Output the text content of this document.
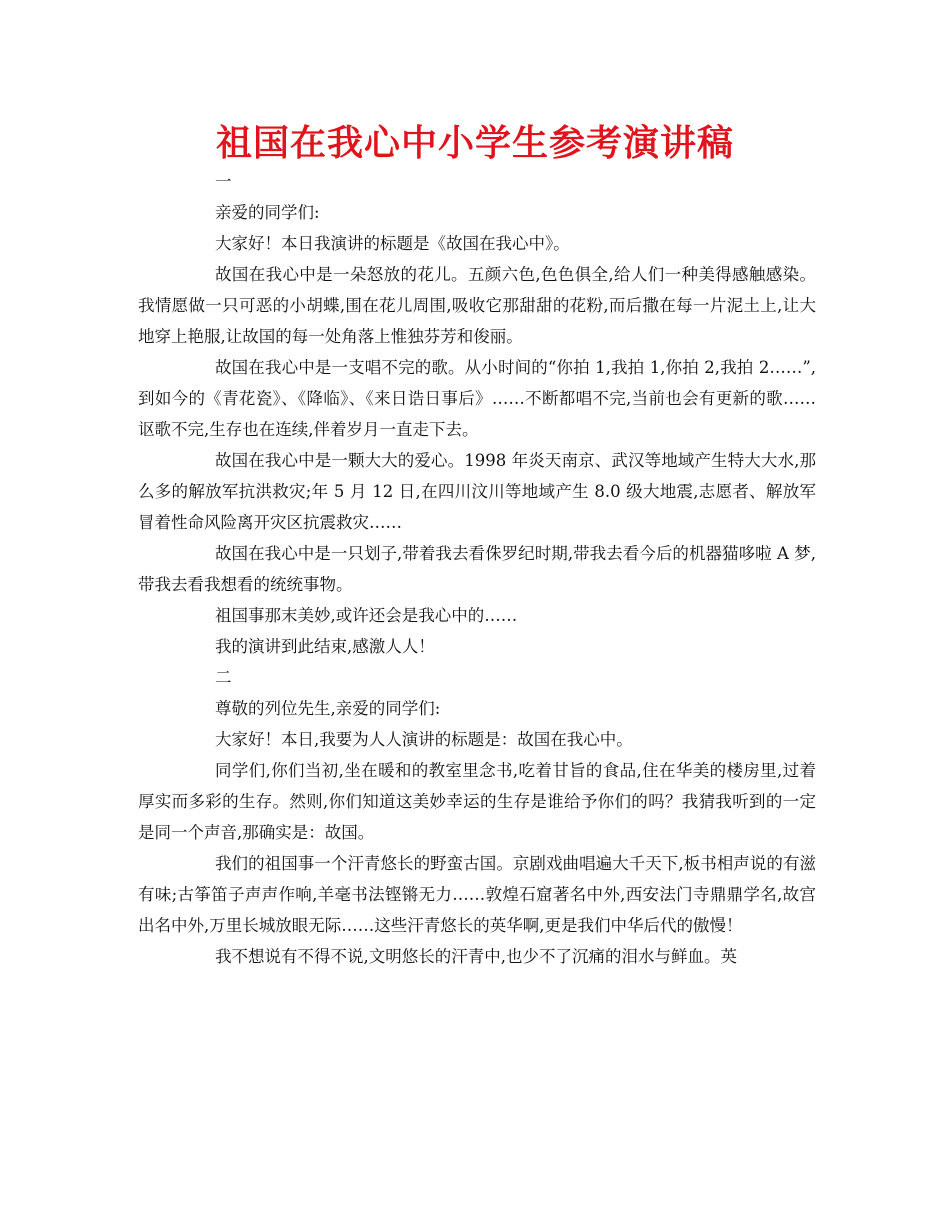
祖国在我心中小学生参考演讲稿

一

亲爱的同学们:

大家好！本日我演讲的标题是《故国在我心中》。

故国在我心中是一朵怒放的花儿。五颜六色,色色俱全,给人们一种美得感触感染。我情愿做一只可恶的小胡蝶,围在花儿周围,吸收它那甜甜的花粉,而后撒在每一片泥土上,让大地穿上艳服,让故国的每一处角落上惟独芬芳和俊丽。

故国在我心中是一支唱不完的歌。从小时间的“你拍 1,我拍 1,你拍 2,我拍 2……”,到如今的《青花瓷》、《降临》、《来日诰日事后》……不断都唱不完,当前也会有更新的歌……讴歌不完,生存也在连续,伴着岁月一直走下去。

故国在我心中是一颗大大的爱心。1998 年炎天南京、武汉等地域产生特大大水,那么多的解放军抗洪救灾;年 5 月 12 日,在四川汶川等地域产生 8.0 级大地震,志愿者、解放军冒着性命风险离开灾区抗震救灾……

故国在我心中是一只划子,带着我去看侏罗纪时期,带我去看今后的机器猫哆啦 A 梦,带我去看我想看的统统事物。

祖国事那末美妙,或许还会是我心中的……

我的演讲到此结束,感激人人！

二

尊敬的列位先生,亲爱的同学们:

大家好！本日,我要为人人演讲的标题是：故国在我心中。

同学们,你们当初,坐在暖和的教室里念书,吃着甘旨的食品,住在华美的楼房里,过着厚实而多彩的生存。然则,你们知道这美妙幸运的生存是谁给予你们的吗？我猜我听到的一定是同一个声音,那确实是：故国。

我们的祖国事一个汗青悠长的野蛮古国。京剧戏曲唱遍大千天下,板书相声说的有滋有味;古筝笛子声声作响,羊毫书法铿锵无力……敦煌石窟著名中外,西安法门寺鼎鼎学名,故宫出名中外,万里长城放眼无际……这些汗青悠长的英华啊,更是我们中华后代的傲慢！

我不想说有不得不说,文明悠长的汗青中,也少不了沉痛的泪水与鲜血。英
